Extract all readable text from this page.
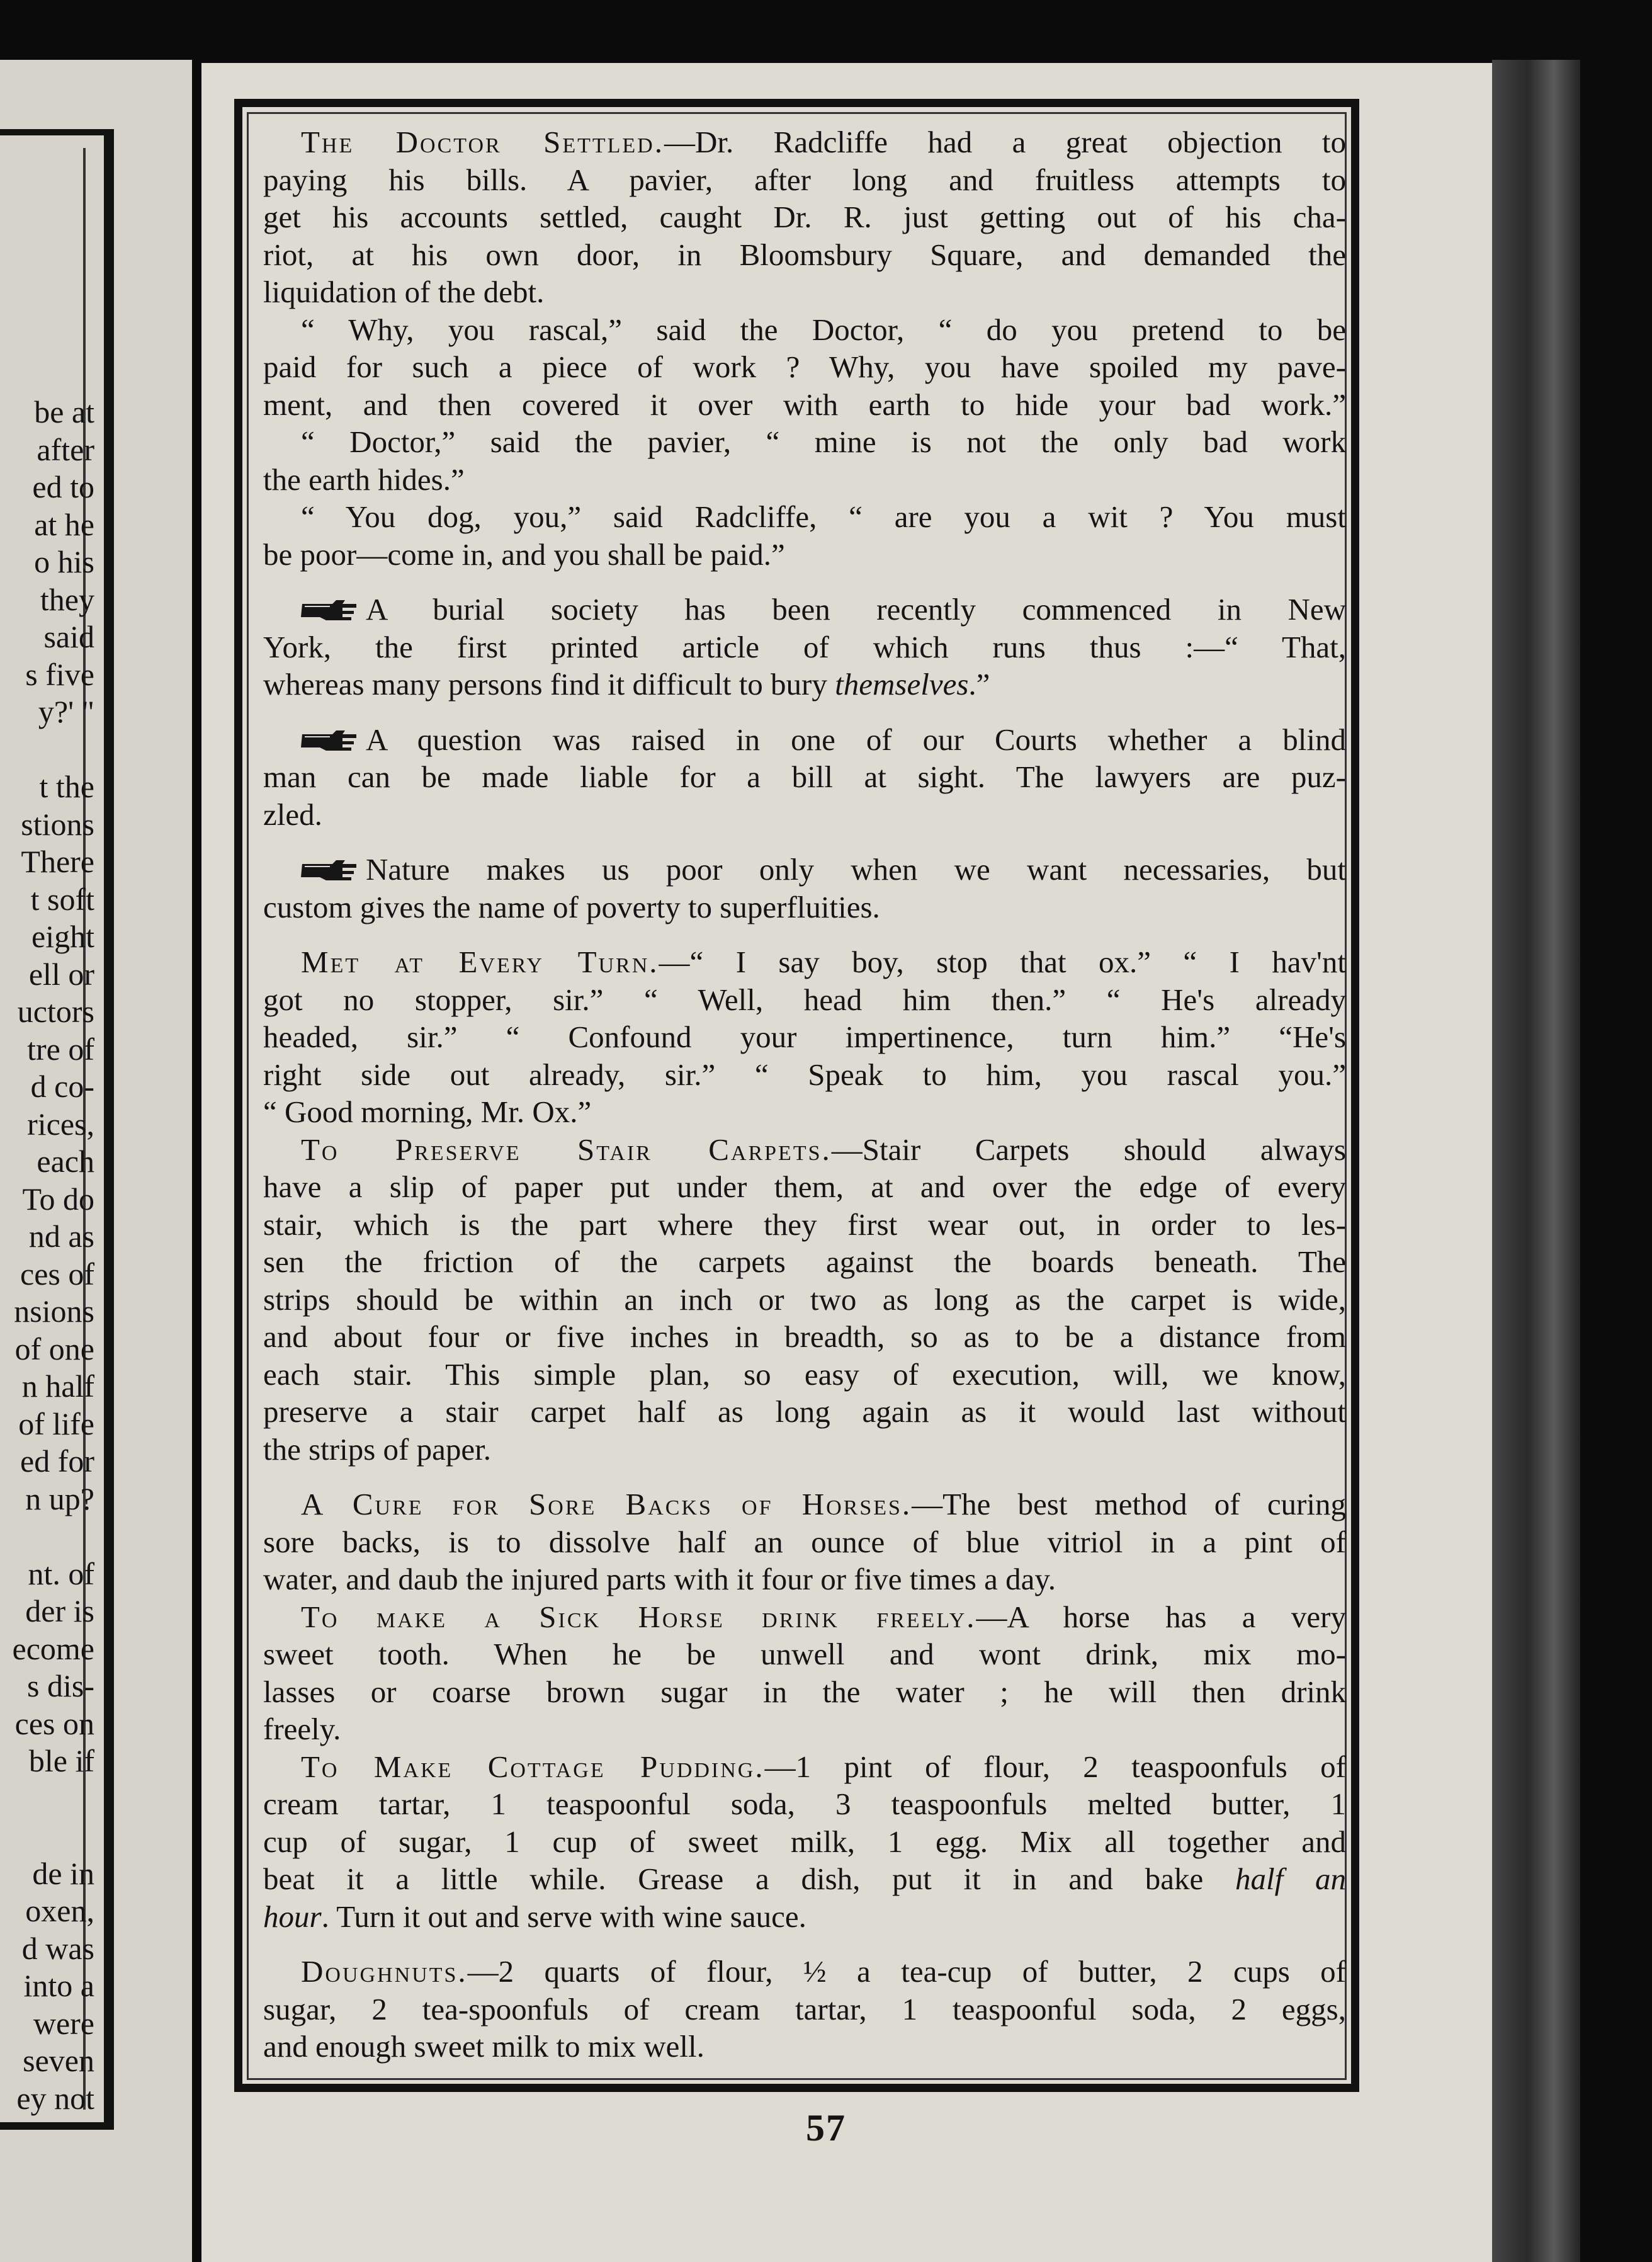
be at
after
ed to
at he
o his
they
said
s five
y?' "

t the
stions
There
t soft
eight
ell or
uctors
tre of
d co-
rices,
each
To do
nd as
ces of
nsions
of one
n half
of life
ed for
n up?

nt. of
der is
ecome
s dis-
ces on
ble if

de in
oxen,
d was
into a
were
seven
ey not

The Doctor Settled.—Dr. Radcliffe had a great objection to
paying his bills. A pavier, after long and fruitless attempts to
get his accounts settled, caught Dr. R. just getting out of his cha-
riot, at his own door, in Bloomsbury Square, and demanded the
liquidation of the debt.
“ Why, you rascal,” said the Doctor, “ do you pretend to be
paid for such a piece of work ? Why, you have spoiled my pave-
ment, and then covered it over with earth to hide your bad work.”
“ Doctor,” said the pavier, “ mine is not the only bad work
the earth hides.”
“ You dog, you,” said Radcliffe, “ are you a wit ? You must
be poor—come in, and you shall be paid.”

A burial society has been recently commenced in New
York, the first printed article of which runs thus :—“ That,
whereas many persons find it difficult to bury themselves.”

A question was raised in one of our Courts whether a blind
man can be made liable for a bill at sight. The lawyers are puz-
zled.

Nature makes us poor only when we want necessaries, but
custom gives the name of poverty to superfluities.

Met at Every Turn.—“ I say boy, stop that ox.” “ I hav'nt
got no stopper, sir.” “ Well, head him then.” “ He's already
headed, sir.” “ Confound your impertinence, turn him.” “He's
right side out already, sir.” “ Speak to him, you rascal you.”
“ Good morning, Mr. Ox.”

To Preserve Stair Carpets.—Stair Carpets should always
have a slip of paper put under them, at and over the edge of every
stair, which is the part where they first wear out, in order to les-
sen the friction of the carpets against the boards beneath. The
strips should be within an inch or two as long as the carpet is wide,
and about four or five inches in breadth, so as to be a distance from
each stair. This simple plan, so easy of execution, will, we know,
preserve a stair carpet half as long again as it would last without
the strips of paper.

A Cure for Sore Backs of Horses.—The best method of curing
sore backs, is to dissolve half an ounce of blue vitriol in a pint of
water, and daub the injured parts with it four or five times a day.

To make a Sick Horse drink freely.—A horse has a very
sweet tooth. When he be unwell and wont drink, mix mo-
lasses or coarse brown sugar in the water ; he will then drink
freely.

To Make Cottage Pudding.—1 pint of flour, 2 teaspoonfuls of
cream tartar, 1 teaspoonful soda, 3 teaspoonfuls melted butter, 1
cup of sugar, 1 cup of sweet milk, 1 egg. Mix all together and
beat it a little while. Grease a dish, put it in and bake half an
hour. Turn it out and serve with wine sauce.

Doughnuts.—2 quarts of flour, ½ a tea-cup of butter, 2 cups of
sugar, 2 tea-spoonfuls of cream tartar, 1 teaspoonful soda, 2 eggs,
and enough sweet milk to mix well.

57
